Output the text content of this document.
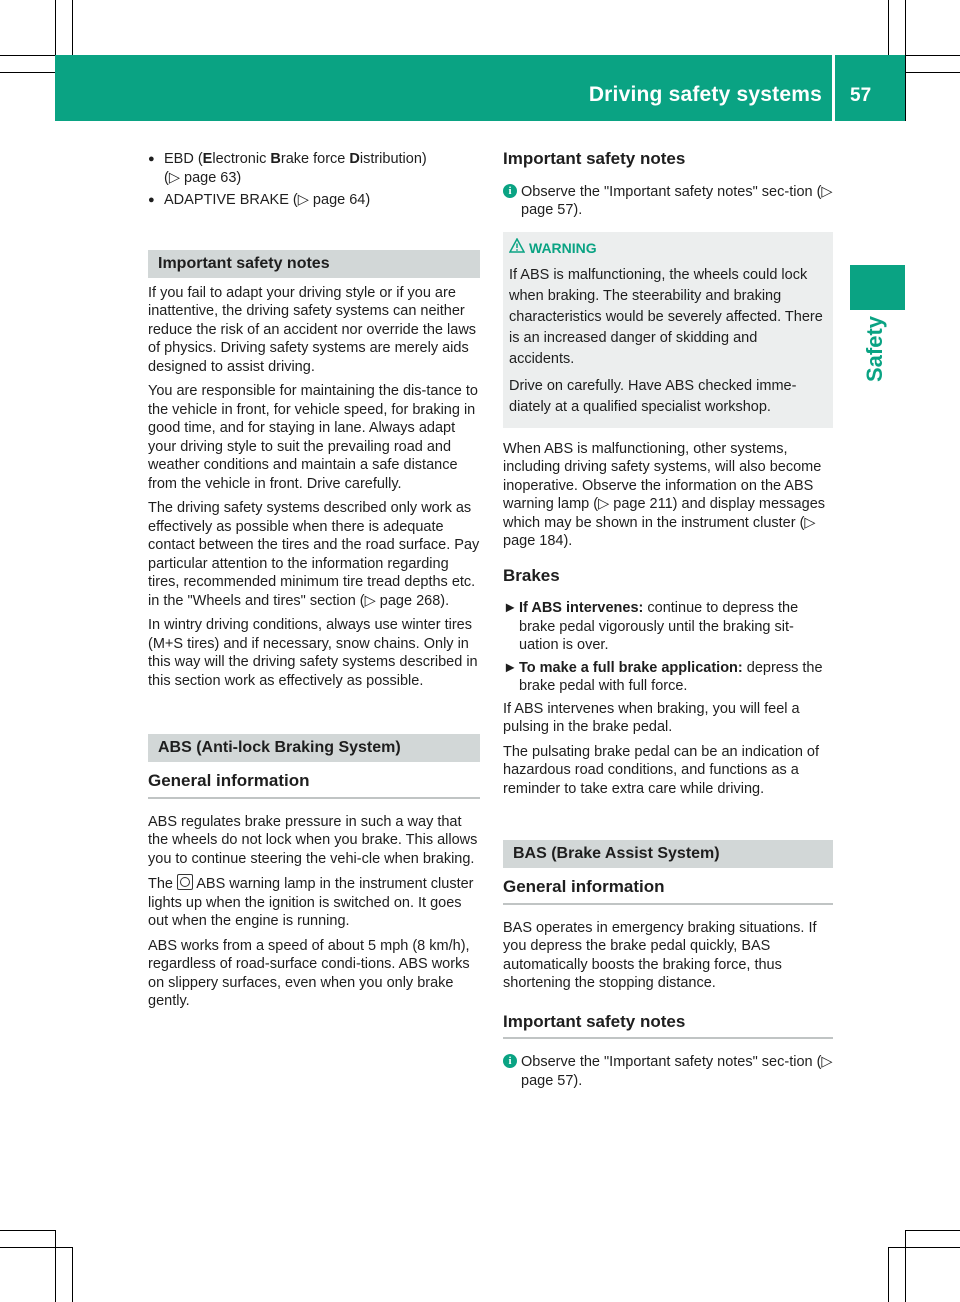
Driving safety systems 57
Safety
● EBD (Electronic Brake force Distribution)
(▷ page 63)
● ADAPTIVE BRAKE (▷ page 64)
Important safety notes

If you fail to adapt your driving style or if you are inattentive, the driving safety systems can neither reduce the risk of an accident nor override the laws of physics. Driving safety systems are merely aids designed to assist driving.

You are responsible for maintaining the dis-tance to the vehicle in front, for vehicle speed, for braking in good time, and for staying in lane. Always adapt your driving style to suit the prevailing road and weather conditions and maintain a safe distance from the vehicle in front. Drive carefully.

The driving safety systems described only work as effectively as possible when there is adequate contact between the tires and the road surface. Pay particular attention to the information regarding tires, recommended minimum tire tread depths etc. in the "Wheels and tires" section (▷ page 268).

In wintry driving conditions, always use winter tires (M+S tires) and if necessary, snow chains. Only in this way will the driving safety systems described in this section work as effectively as possible.

ABS (Anti-lock Braking System)
General information

ABS regulates brake pressure in such a way that the wheels do not lock when you brake. This allows you to continue steering the vehi-cle when braking.

The ABS warning lamp in the instrument cluster lights up when the ignition is switched on. It goes out when the engine is running.

ABS works from a speed of about 5 mph (8 km/h), regardless of road-surface condi-tions. ABS works on slippery surfaces, even when you only brake gently.

Important safety notes
i Observe the "Important safety notes" sec-tion (▷ page 57).
WARNING

If ABS is malfunctioning, the wheels could lock when braking. The steerability and braking characteristics would be severely affected. There is an increased danger of skidding and accidents.

Drive on carefully. Have ABS checked imme-diately at a qualified specialist workshop.

When ABS is malfunctioning, other systems, including driving safety systems, will also become inoperative. Observe the information on the ABS warning lamp (▷ page 211) and display messages which may be shown in the instrument cluster (▷ page 184).

Brakes
► If ABS intervenes: continue to depress the brake pedal vigorously until the braking sit-uation is over.
► To make a full brake application: depress the brake pedal with full force.

If ABS intervenes when braking, you will feel a pulsing in the brake pedal.

The pulsating brake pedal can be an indication of hazardous road conditions, and functions as a reminder to take extra care while driving.

BAS (Brake Assist System)
General information

BAS operates in emergency braking situations. If you depress the brake pedal quickly, BAS automatically boosts the braking force, thus shortening the stopping distance.

Important safety notes
i Observe the "Important safety notes" sec-tion (▷ page 57).
